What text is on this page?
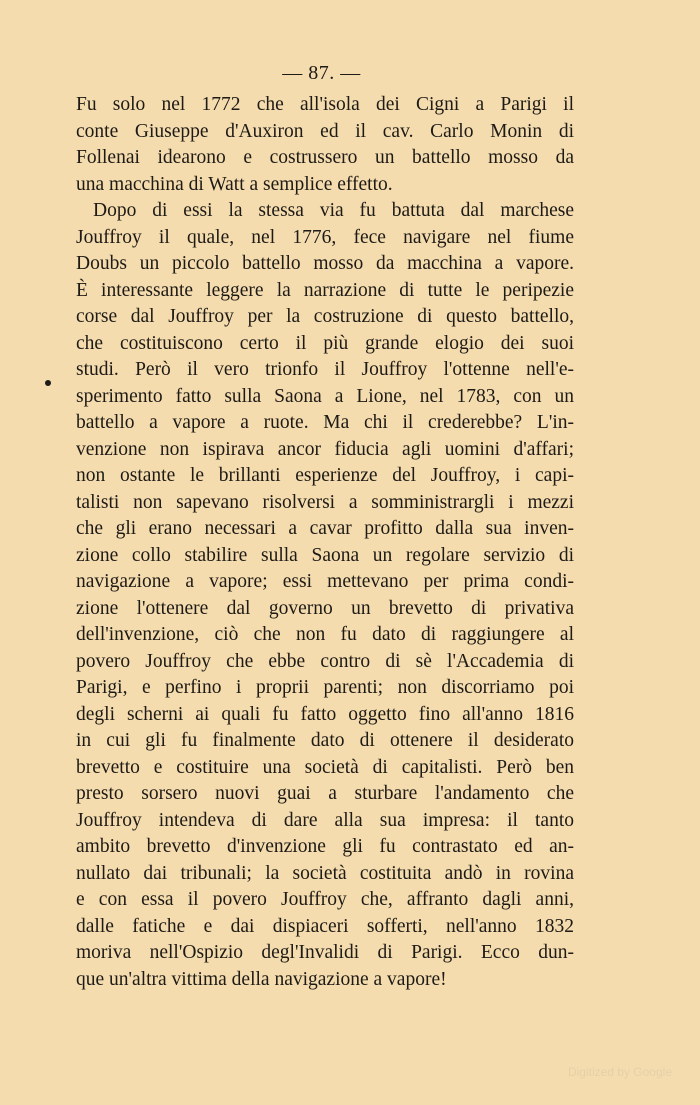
— 87. —
Fu solo nel 1772 che all'isola dei Cigni a Parigi il
conte Giuseppe d'Auxiron ed il cav. Carlo Monin di
Follenai idearono e costrussero un battello mosso da
una macchina di Watt a semplice effetto.
Dopo di essi la stessa via fu battuta dal marchese
Jouffroy il quale, nel 1776, fece navigare nel fiume
Doubs un piccolo battello mosso da macchina a vapore.
È interessante leggere la narrazione di tutte le peripezie
corse dal Jouffroy per la costruzione di questo battello,
che costituiscono certo il più grande elogio dei suoi
studi. Però il vero trionfo il Jouffroy l'ottenne nell'e-
sperimento fatto sulla Saona a Lione, nel 1783, con un
battello a vapore a ruote. Ma chi il crederebbe? L'in-
venzione non ispirava ancor fiducia agli uomini d'affari;
non ostante le brillanti esperienze del Jouffroy, i capi-
talisti non sapevano risolversi a somministrargli i mezzi
che gli erano necessari a cavar profitto dalla sua inven-
zione collo stabilire sulla Saona un regolare servizio di
navigazione a vapore; essi mettevano per prima condi-
zione l'ottenere dal governo un brevetto di privativa
dell'invenzione, ciò che non fu dato di raggiungere al
povero Jouffroy che ebbe contro di sè l'Accademia di
Parigi, e perfino i proprii parenti; non discorriamo poi
degli scherni ai quali fu fatto oggetto fino all'anno 1816
in cui gli fu finalmente dato di ottenere il desiderato
brevetto e costituire una società di capitalisti. Però ben
presto sorsero nuovi guai a sturbare l'andamento che
Jouffroy intendeva di dare alla sua impresa: il tanto
ambito brevetto d'invenzione gli fu contrastato ed an-
nullato dai tribunali; la società costituita andò in rovina
e con essa il povero Jouffroy che, affranto dagli anni,
dalle fatiche e dai dispiaceri sofferti, nell'anno 1832
moriva nell'Ospizio degl'Invalidi di Parigi. Ecco dun-
que un'altra vittima della navigazione a vapore!
Digitized by Google
